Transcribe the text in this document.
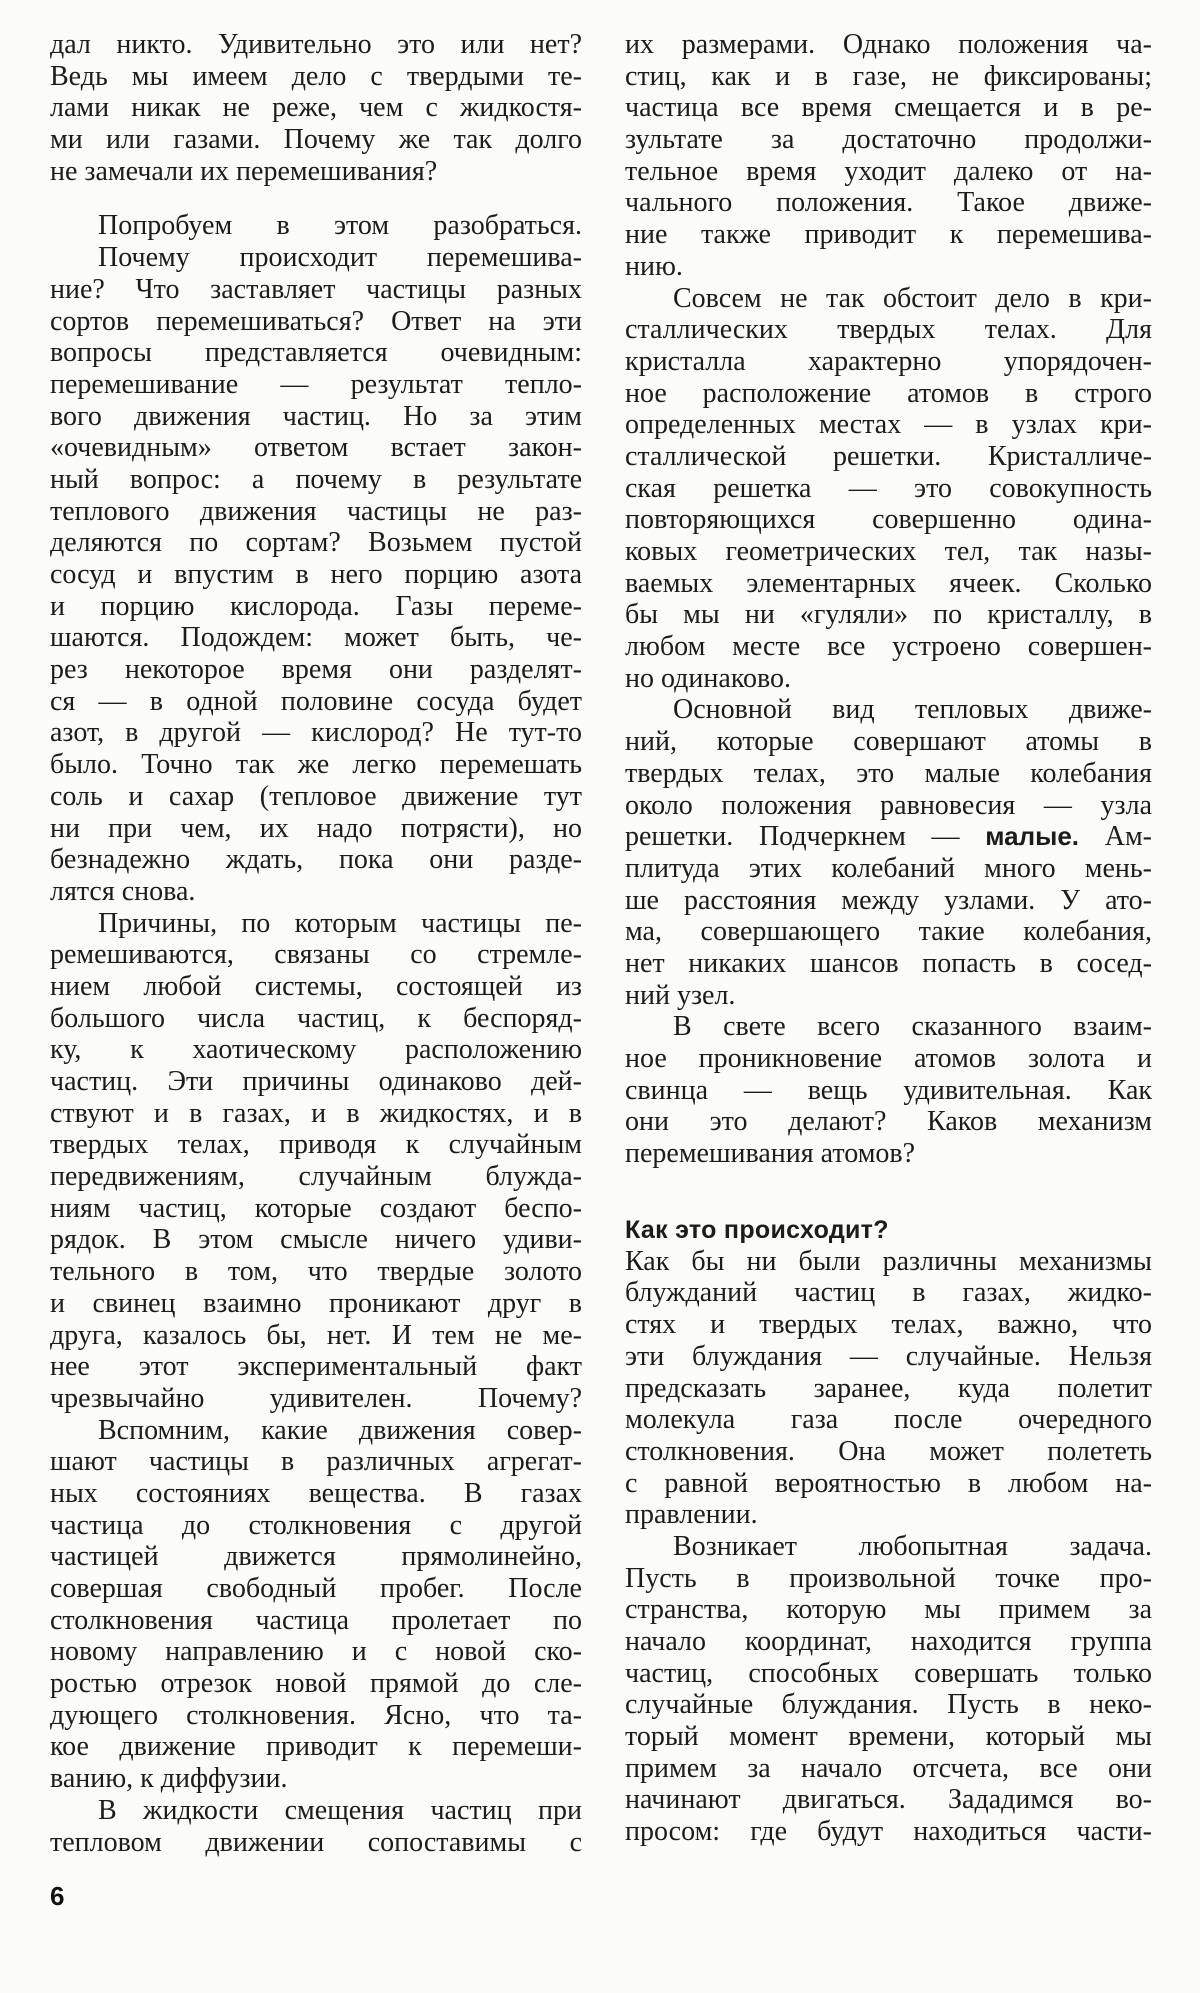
дал никто. Удивительно это или нет?
Ведь мы имеем дело с твердыми те-
лами никак не реже, чем с жидкостя-
ми или газами. Почему же так долго
не замечали их перемешивания?
Попробуем в этом разобраться.
Почему происходит перемешива-
ние? Что заставляет частицы разных
сортов перемешиваться? Ответ на эти
вопросы представляется очевидным:
перемешивание — результат тепло-
вого движения частиц. Но за этим
«очевидным» ответом встает закон-
ный вопрос: а почему в результате
теплового движения частицы не раз-
деляются по сортам? Возьмем пустой
сосуд и впустим в него порцию азота
и порцию кислорода. Газы переме-
шаются. Подождем: может быть, че-
рез некоторое время они разделят-
ся — в одной половине сосуда будет
азот, в другой — кислород? Не тут-то
было. Точно так же легко перемешать
соль и сахар (тепловое движение тут
ни при чем, их надо потрясти), но
безнадежно ждать, пока они разде-
лятся снова.
Причины, по которым частицы пе-
ремешиваются, связаны со стремле-
нием любой системы, состоящей из
большого числа частиц, к беспоряд-
ку, к хаотическому расположению
частиц. Эти причины одинаково дей-
ствуют и в газах, и в жидкостях, и в
твердых телах, приводя к случайным
передвижениям, случайным блужда-
ниям частиц, которые создают беспо-
рядок. В этом смысле ничего удиви-
тельного в том, что твердые золото
и свинец взаимно проникают друг в
друга, казалось бы, нет. И тем не ме-
нее этот экспериментальный факт
чрезвычайно удивителен. Почему?
Вспомним, какие движения совер-
шают частицы в различных агрегат-
ных состояниях вещества. В газах
частица до столкновения с другой
частицей движется прямолинейно,
совершая свободный пробег. После
столкновения частица пролетает по
новому направлению и с новой ско-
ростью отрезок новой прямой до сле-
дующего столкновения. Ясно, что та-
кое движение приводит к перемеши-
ванию, к диффузии.
В жидкости смещения частиц при
тепловом движении сопоставимы с
их размерами. Однако положения ча-
стиц, как и в газе, не фиксированы;
частица все время смещается и в ре-
зультате за достаточно продолжи-
тельное время уходит далеко от на-
чального положения. Такое движе-
ние также приводит к перемешива-
нию.
Совсем не так обстоит дело в кри-
сталлических твердых телах. Для
кристалла характерно упорядочен-
ное расположение атомов в строго
определенных местах — в узлах кри-
сталлической решетки. Кристалличе-
ская решетка — это совокупность
повторяющихся совершенно одина-
ковых геометрических тел, так назы-
ваемых элементарных ячеек. Сколько
бы мы ни «гуляли» по кристаллу, в
любом месте все устроено совершен-
но одинаково.
Основной вид тепловых движе-
ний, которые совершают атомы в
твердых телах, это малые колебания
около положения равновесия — узла
решетки. Подчеркнем — малые. Ам-
плитуда этих колебаний много мень-
ше расстояния между узлами. У ато-
ма, совершающего такие колебания,
нет никаких шансов попасть в сосед-
ний узел.
В свете всего сказанного взаим-
ное проникновение атомов золота и
свинца — вещь удивительная. Как
они это делают? Каков механизм
перемешивания атомов?
Как это происходит?
Как бы ни были различны механизмы
блужданий частиц в газах, жидко-
стях и твердых телах, важно, что
эти блуждания — случайные. Нельзя
предсказать заранее, куда полетит
молекула газа после очередного
столкновения. Она может полететь
с равной вероятностью в любом на-
правлении.
Возникает любопытная задача.
Пусть в произвольной точке про-
странства, которую мы примем за
начало координат, находится группа
частиц, способных совершать только
случайные блуждания. Пусть в неко-
торый момент времени, который мы
примем за начало отсчета, все они
начинают двигаться. Зададимся во-
просом: где будут находиться части-
6
